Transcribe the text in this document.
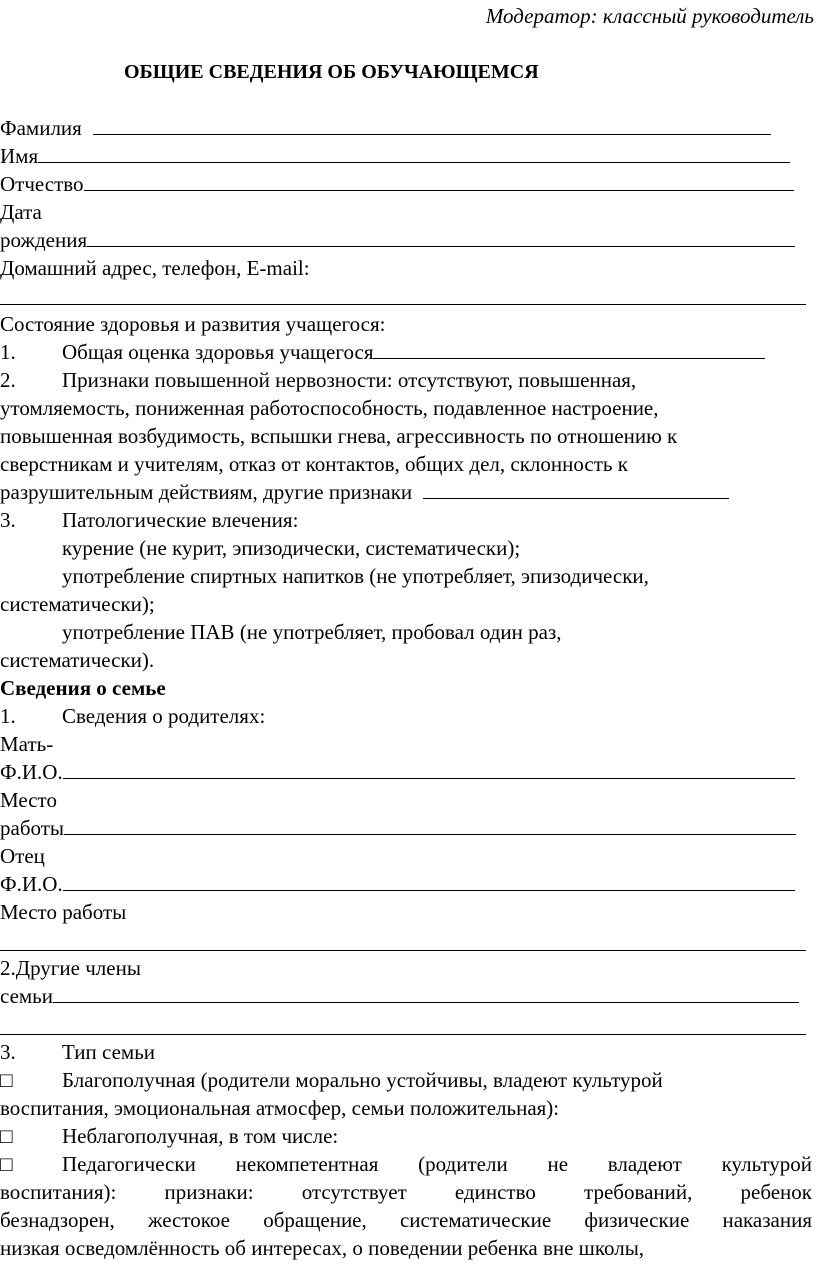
Модератор: классный руководитель
ОБЩИЕ СВЕДЕНИЯ ОБ ОБУЧАЮЩЕМСЯ
Фамилия
Имя
Отчество
Дата
рождения
Домашний адрес, телефон, E-mail:
Состояние здоровья и развития учащегося:
1. Общая оценка здоровья учащегося
2. Признаки повышенной нервозности: отсутствуют, повышенная,
утомляемость, пониженная работоспособность, подавленное настроение,
повышенная возбудимость, вспышки гнева, агрессивность по отношению к
сверстникам и учителям, отказ от контактов, общих дел, склонность к
разрушительным действиям, другие признаки
3. Патологические влечения:
курение (не курит, эпизодически, систематически);
употребление спиртных напитков (не употребляет, эпизодически,
систематически);
употребление ПАВ (не употребляет, пробовал один раз,
систематически).
Сведения о семье
1. Сведения о родителях:
Мать-
Ф.И.О.
Место
работы
Отец
Ф.И.О.
Место работы
2.Другие члены
семьи
3. Тип семьи
□ Благополучная (родители морально устойчивы, владеют культурой
воспитания, эмоциональная атмосфер, семьи положительная):
□ Неблагополучная, в том числе:
□ Педагогически некомпетентная (родители не владеют культурой
воспитания): признаки: отсутствует единство требований, ребенок
безнадзорен, жестокое обращение, систематические физические наказания
низкая осведомлённость об интересах, о поведении ребенка вне школы,
